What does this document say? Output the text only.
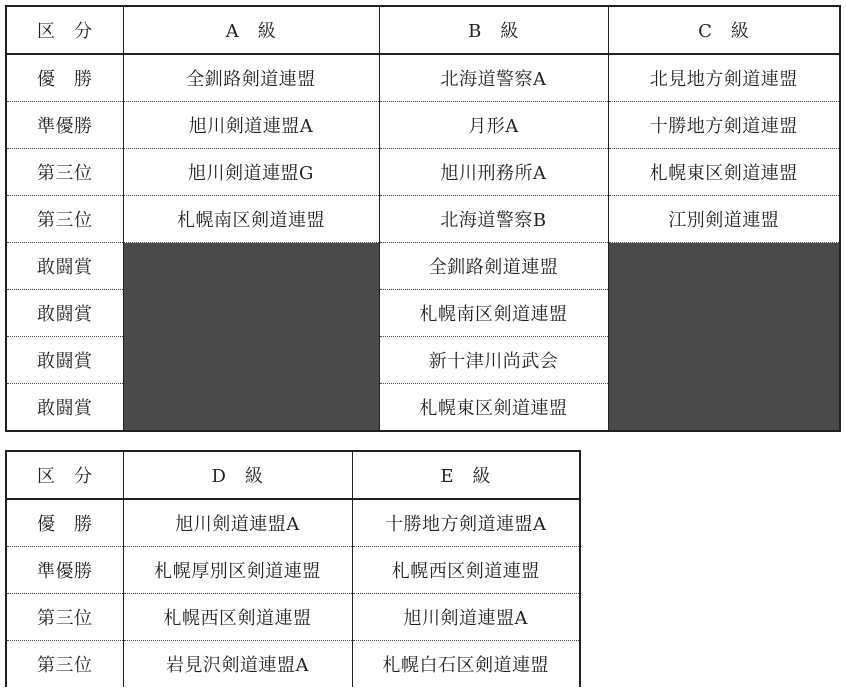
区　分	A　級	B　級	C　級
優　勝	全釧路剣道連盟	北海道警察A	北見地方剣道連盟
準優勝	旭川剣道連盟A	月形A	十勝地方剣道連盟
第三位	旭川剣道連盟G	旭川刑務所A	札幌東区剣道連盟
第三位	札幌南区剣道連盟	北海道警察B	江別剣道連盟
敢闘賞		全釧路剣道連盟	
敢闘賞		札幌南区剣道連盟	
敢闘賞		新十津川尚武会	
敢闘賞		札幌東区剣道連盟	
区　分	D　級	E　級
優　勝	旭川剣道連盟A	十勝地方剣道連盟A
準優勝	札幌厚別区剣道連盟	札幌西区剣道連盟
第三位	札幌西区剣道連盟	旭川剣道連盟A
第三位	岩見沢剣道連盟A	札幌白石区剣道連盟
